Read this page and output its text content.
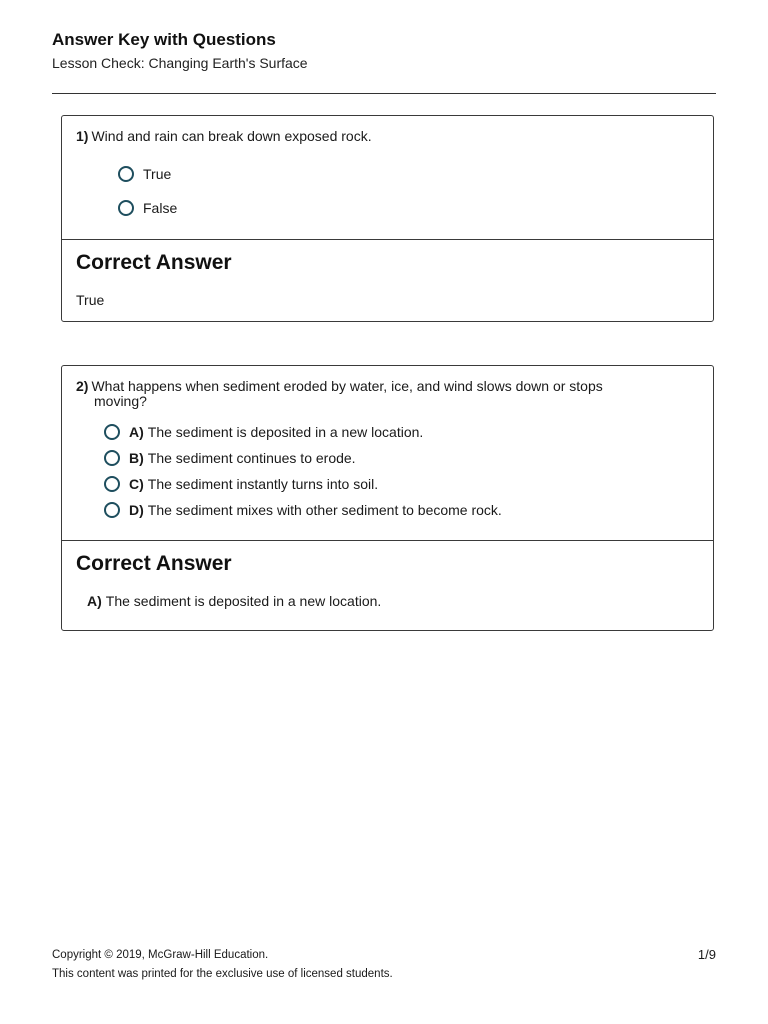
Answer Key with Questions
Lesson Check: Changing Earth's Surface
1) Wind and rain can break down exposed rock.
True
False
Correct Answer
True
2) What happens when sediment eroded by water, ice, and wind slows down or stops
moving?
A) The sediment is deposited in a new location.
B) The sediment continues to erode.
C) The sediment instantly turns into soil.
D) The sediment mixes with other sediment to become rock.
Correct Answer
A) The sediment is deposited in a new location.
Copyright © 2019, McGraw-Hill Education.
This content was printed for the exclusive use of licensed students.
1/9
